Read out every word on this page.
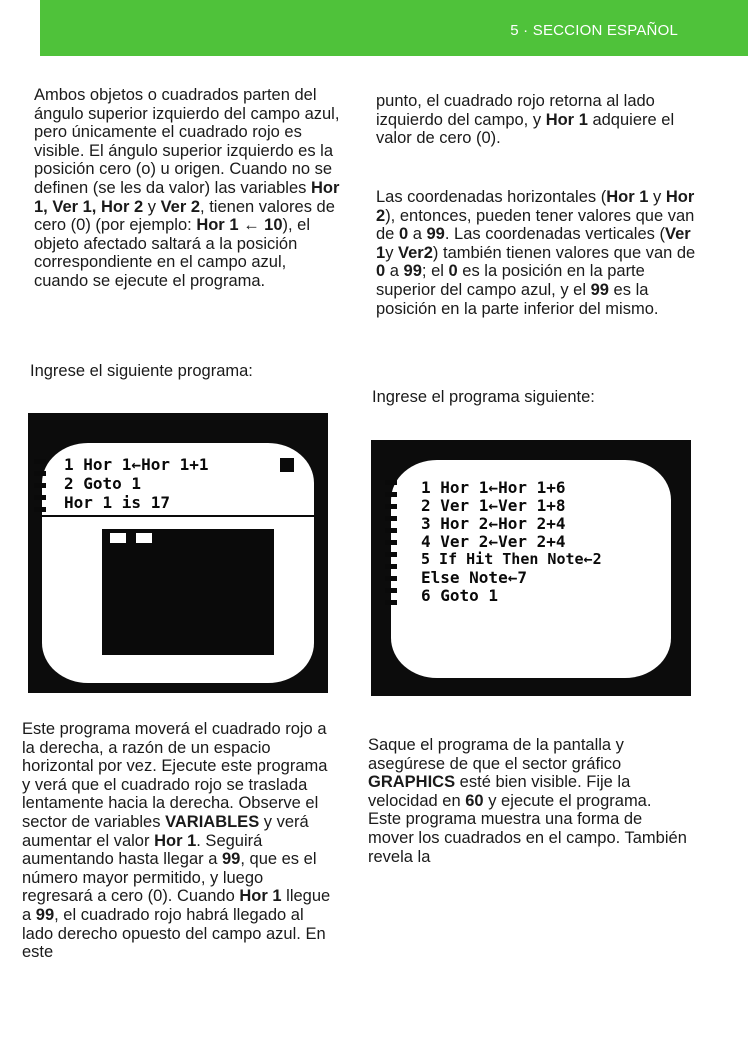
5 · SECCION ESPAÑOL
Ambos objetos o cuadrados parten del ángulo superior izquierdo del campo azul, pero únicamente el cuadrado rojo es visible. El ángulo superior izquierdo es la posición cero (o) u origen. Cuando no se definen (se les da valor) las variables Hor 1, Ver 1, Hor 2 y Ver 2, tienen valores de cero (0) (por ejemplo: Hor 1 ← 10), el objeto afectado saltará a la posición correspondiente en el campo azul, cuando se ejecute el programa.
Ingrese el siguiente programa:
1 Hor 1←Hor 1+1
2 Goto 1
Hor 1 is 17
punto, el cuadrado rojo retorna al lado izquierdo del campo, y Hor 1 adquiere el valor de cero (0).
Las coordenadas horizontales (Hor 1 y Hor 2), entonces, pueden tener valores que van de 0 a 99. Las coordenadas verticales (Ver 1y Ver2) también tienen valores que van de 0 a 99; el 0 es la posición en la parte superior del campo azul, y el 99 es la posición en la parte inferior del mismo.
Ingrese el programa siguiente:
1 Hor 1←Hor 1+6
2 Ver 1←Ver 1+8
3 Hor 2←Hor 2+4
4 Ver 2←Ver 2+4
5 If Hit Then Note←2
Else Note←7
6 Goto 1
Este programa moverá el cuadrado rojo a la derecha, a razón de un espacio horizontal por vez. Ejecute este programa y verá que el cuadrado rojo se traslada lentamente hacia la derecha. Observe el sector de variables VARIABLES y verá aumentar el valor Hor 1. Seguirá aumentando hasta llegar a 99, que es el número mayor permitido, y luego regresará a cero (0). Cuando Hor 1 llegue a 99, el cuadrado rojo habrá llegado al lado derecho opuesto del campo azul. En este
Saque el programa de la pantalla y asegúrese de que el sector gráfico GRAPHICS esté bien visible. Fije la velocidad en 60 y ejecute el programa. Este programa muestra una forma de mover los cuadrados en el campo. También revela la
